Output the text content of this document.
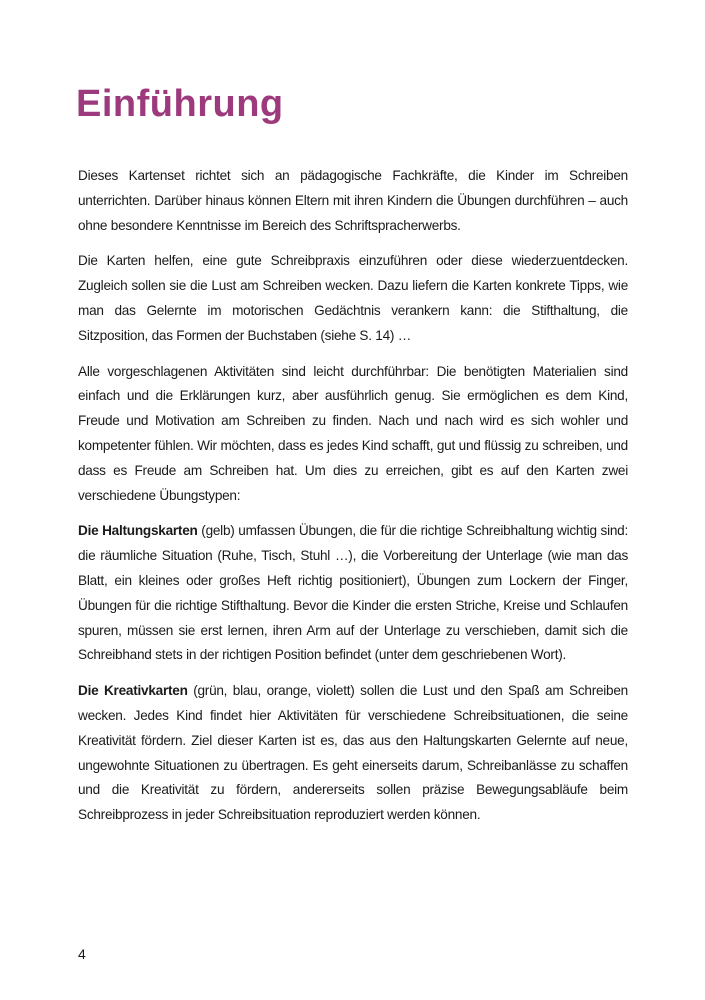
Einführung

Dieses Kartenset richtet sich an pädagogische Fachkräfte, die Kinder im Schreiben unterrichten. Darüber hinaus können Eltern mit ihren Kindern die Übungen durchführen – auch ohne besondere Kenntnisse im Bereich des Schriftspracherwerbs.

Die Karten helfen, eine gute Schreibpraxis einzuführen oder diese wiederzuentdecken. Zugleich sollen sie die Lust am Schreiben wecken. Dazu liefern die Karten konkrete Tipps, wie man das Gelernte im motorischen Gedächtnis verankern kann: die Stifthaltung, die Sitzposition, das Formen der Buchstaben (siehe S. 14) …

Alle vorgeschlagenen Aktivitäten sind leicht durchführbar: Die benötigten Materialien sind einfach und die Erklärungen kurz, aber ausführlich genug. Sie ermöglichen es dem Kind, Freude und Motivation am Schreiben zu finden. Nach und nach wird es sich wohler und kompetenter fühlen. Wir möchten, dass es jedes Kind schafft, gut und flüssig zu schreiben, und dass es Freude am Schreiben hat. Um dies zu erreichen, gibt es auf den Karten zwei verschiedene Übungstypen:

Die Haltungskarten (gelb) umfassen Übungen, die für die richtige Schreibhaltung wichtig sind: die räumliche Situation (Ruhe, Tisch, Stuhl …), die Vorbereitung der Unterlage (wie man das Blatt, ein kleines oder großes Heft richtig positioniert), Übungen zum Lockern der Finger, Übungen für die richtige Stifthaltung. Bevor die Kinder die ersten Striche, Kreise und Schlaufen spuren, müssen sie erst lernen, ihren Arm auf der Unterlage zu verschieben, damit sich die Schreibhand stets in der richtigen Position befindet (unter dem geschriebenen Wort).

Die Kreativkarten (grün, blau, orange, violett) sollen die Lust und den Spaß am Schreiben wecken. Jedes Kind findet hier Aktivitäten für verschiedene Schreibsituationen, die seine Kreativität fördern. Ziel dieser Karten ist es, das aus den Haltungskarten Gelernte auf neue, ungewohnte Situationen zu übertragen. Es geht einerseits darum, Schreibanlässe zu schaffen und die Kreativität zu fördern, andererseits sollen präzise Bewegungsabläufe beim Schreibprozess in jeder Schreibsituation reproduziert werden können.

4
